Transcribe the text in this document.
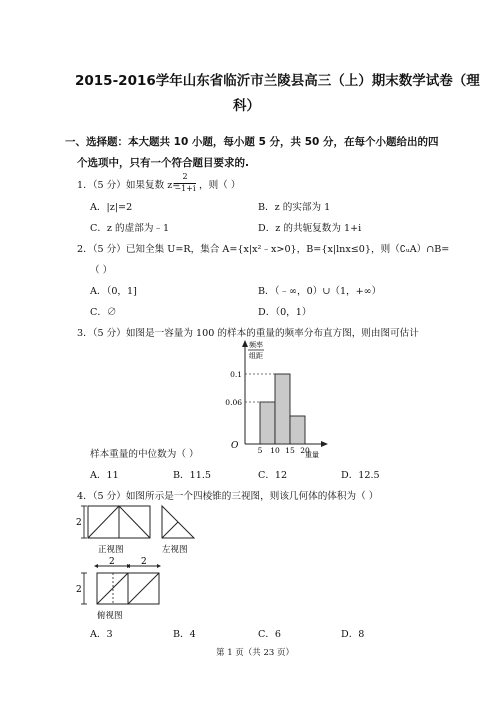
2015-2016学年山东省临沂市兰陵县高三（上）期末数学试卷（理
科）
一、选择题：本大题共 10 小题，每小题 5 分，共 50 分，在每个小题给出的四
个选项中，只有一个符合题目要求的.
1．（5 分）如果复数 z=
2
−1+i ，则（ ）
A．|z|=2	B．z 的实部为 1
C．z 的虚部为﹣1	D．z 的共轭复数为 1+i
2．（5 分）已知全集 U=R，集合 A={x|x²﹣x>0}，B={x|lnx≤0}，则（∁ᵤA）∩B=
（ ）
A．（0，1]	B．（﹣∞，0）∪（1，+∞）
C．∅	D．（0，1）
3．（5 分）如图是一容量为 100 的样本的重量的频率分布直方图，则由图可估计
频率
组距
O
重量
5 10 15 20
0.1
0.06
样本重量的中位数为（ ）
A．11	B．11.5	C．12	D．12.5
4．（5 分）如图所示是一个四棱锥的三视图，则该几何体的体积为（ ）
2
正视图	左视图
2	2
2
俯视图
A．3	B．4	C．6	D．8
第 1 页（共 23 页）
